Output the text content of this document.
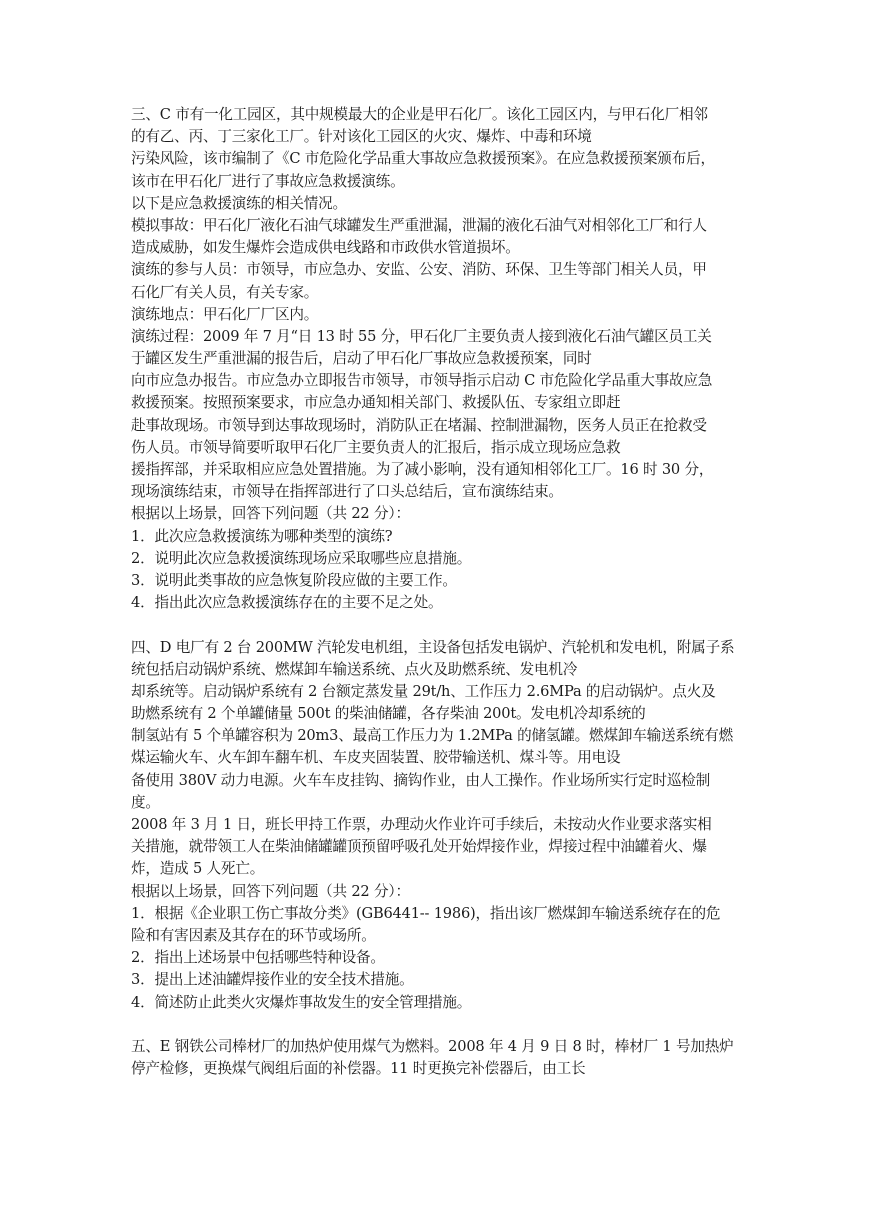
三、C 市有一化工园区，其中规模最大的企业是甲石化厂。该化工园区内，与甲石化厂相邻
的有乙、丙、丁三家化工厂。针对该化工园区的火灾、爆炸、中毒和环境
污染风险，该市编制了《C 市危险化学品重大事故应急救援预案》。在应急救援预案颁布后，
该市在甲石化厂进行了事故应急救援演练。
以下是应急救援演练的相关情况。
模拟事故：甲石化厂液化石油气球罐发生严重泄漏，泄漏的液化石油气对相邻化工厂和行人
造成威胁，如发生爆炸会造成供电线路和市政供水管道损坏。
演练的参与人员：市领导，市应急办、安监、公安、消防、环保、卫生等部门相关人员，甲
石化厂有关人员，有关专家。
演练地点：甲石化厂厂区内。
演练过程：2009 年 7 月“日 13 时 55 分，甲石化厂主要负责人接到液化石油气罐区员工关
于罐区发生严重泄漏的报告后，启动了甲石化厂事故应急救援预案，同时
向市应急办报告。市应急办立即报告市领导，市领导指示启动 C 市危险化学品重大事故应急
救援预案。按照预案要求，市应急办通知相关部门、救援队伍、专家组立即赶
赴事故现场。市领导到达事故现场时，消防队正在堵漏、控制泄漏物，医务人员正在抢救受
伤人员。市领导简要听取甲石化厂主要负责人的汇报后，指示成立现场应急救
援指挥部，并采取相应应急处置措施。为了减小影响，没有通知相邻化工厂。16 时 30 分，
现场演练结束，市领导在指挥部进行了口头总结后，宣布演练结束。
根据以上场景，回答下列问题（共 22 分）：
1．此次应急救援演练为哪种类型的演练?
2．说明此次应急救援演练现场应采取哪些应息措施。
3．说明此类事故的应急恢复阶段应做的主要工作。
4．指出此次应急救援演练存在的主要不足之处。
四、D 电厂有 2 台 200MW 汽轮发电机组，主设备包括发电锅炉、汽轮机和发电机，附属子系
统包括启动锅炉系统、燃煤卸车输送系统、点火及助燃系统、发电机冷
却系统等。启动锅炉系统有 2 台额定蒸发量 29t/h、工作压力 2.6MPa 的启动锅炉。点火及
助燃系统有 2 个单罐储量 500t 的柴油储罐，各存柴油 200t。发电机冷却系统的
制氢站有 5 个单罐容积为 20m3、最高工作压力为 1.2MPa 的储氢罐。燃煤卸车输送系统有燃
煤运输火车、火车卸车翻车机、车皮夹固装置、胶带输送机、煤斗等。用电设
备使用 380V 动力电源。火车车皮挂钩、摘钩作业，由人工操作。作业场所实行定时巡检制
度。
2008 年 3 月 1 日，班长甲持工作票，办理动火作业许可手续后，未按动火作业要求落实相
关措施，就带领工人在柴油储罐罐顶预留呼吸孔处开始焊接作业，焊接过程中油罐着火、爆
炸，造成 5 人死亡。
根据以上场景，回答下列问题（共 22 分）：
1．根据《企业职工伤亡事故分类》(GB6441-- 1986)，指出该厂燃煤卸车输送系统存在的危
险和有害因素及其存在的环节或场所。
2．指出上述场景中包括哪些特种设备。
3．提出上述油罐焊接作业的安全技术措施。
4．简述防止此类火灾爆炸事故发生的安全管理措施。
五、E 钢铁公司棒材厂的加热炉使用煤气为燃料。2008 年 4 月 9 日 8 时，棒材厂 1 号加热炉
停产检修，更换煤气阀组后面的补偿器。11 时更换完补偿器后，由工长
